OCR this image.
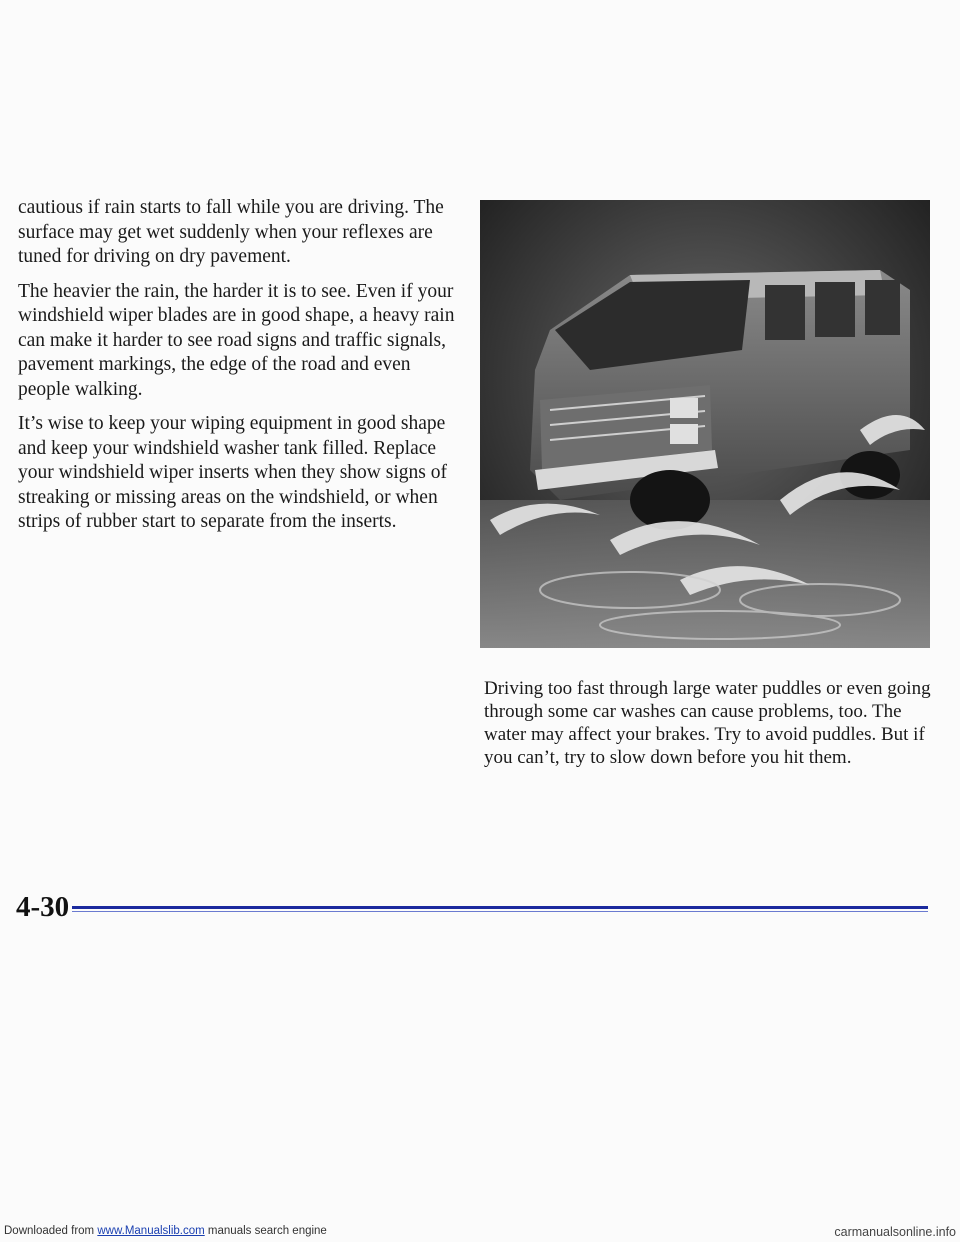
cautious if rain starts to fall while you are driving. The surface may get wet suddenly when your reflexes are tuned for driving on dry pavement.

The heavier the rain, the harder it is to see. Even if your windshield wiper blades are in good shape, a heavy rain can make it harder to see road signs and traffic signals, pavement markings, the edge of the road and even people walking.

It’s wise to keep your wiping equipment in good shape and keep your windshield washer tank filled. Replace your windshield wiper inserts when they show signs of streaking or missing areas on the windshield, or when strips of rubber start to separate from the inserts.

Driving too fast through large water puddles or even going through some car washes can cause problems, too. The water may affect your brakes. Try to avoid puddles. But if you can’t, try to slow down before you hit them.

4-30
Downloaded from www.Manualslib.com manuals search engine	carmanualsonline.info
